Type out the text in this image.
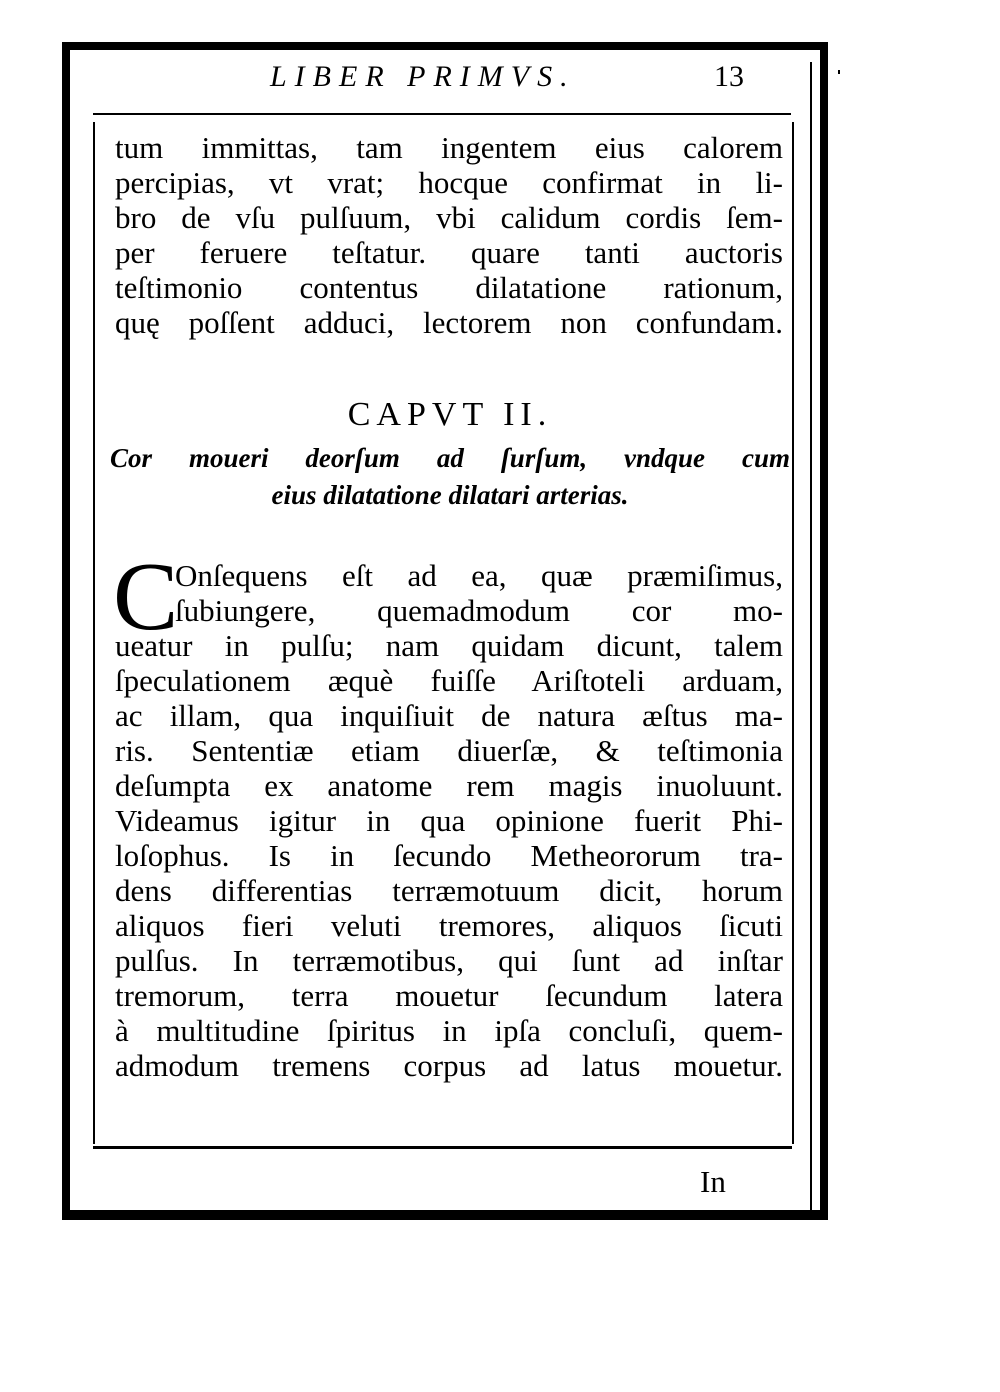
LIBER PRIMVS.	13
tum immittas, tam ingentem eius calorem
percipias, vt vrat; hocque confirmat in li-
bro de vſu pulſuum, vbi calidum cordis ſem-
per feruere teſtatur. quare tanti auctoris
teſtimonio contentus dilatatione rationum,
quę poſſent adduci, lectorem non confundam.
CAPVT II.
Cor moueri deorſum ad ſurſum, vndque cum
eius dilatatione dilatari arterias.
C
Onſequens eſt ad ea, quæ præmiſimus,
ſubiungere, quemadmodum cor mo-
ueatur in pulſu; nam quidam dicunt, talem
ſpeculationem æquè fuiſſe Ariſtoteli arduam,
ac illam, qua inquiſiuit de natura æſtus ma-
ris. Sententiæ etiam diuerſæ, & teſtimonia
deſumpta ex anatome rem magis inuoluunt.
Videamus igitur in qua opinione fuerit Phi-
loſophus. Is in ſecundo Metheororum tra-
dens differentias terræmotuum dicit, horum
aliquos fieri veluti tremores, aliquos ſicuti
pulſus. In terræmotibus, qui ſunt ad inſtar
tremorum, terra mouetur ſecundum latera
à multitudine ſpiritus in ipſa concluſi, quem-
admodum tremens corpus ad latus mouetur.
In
